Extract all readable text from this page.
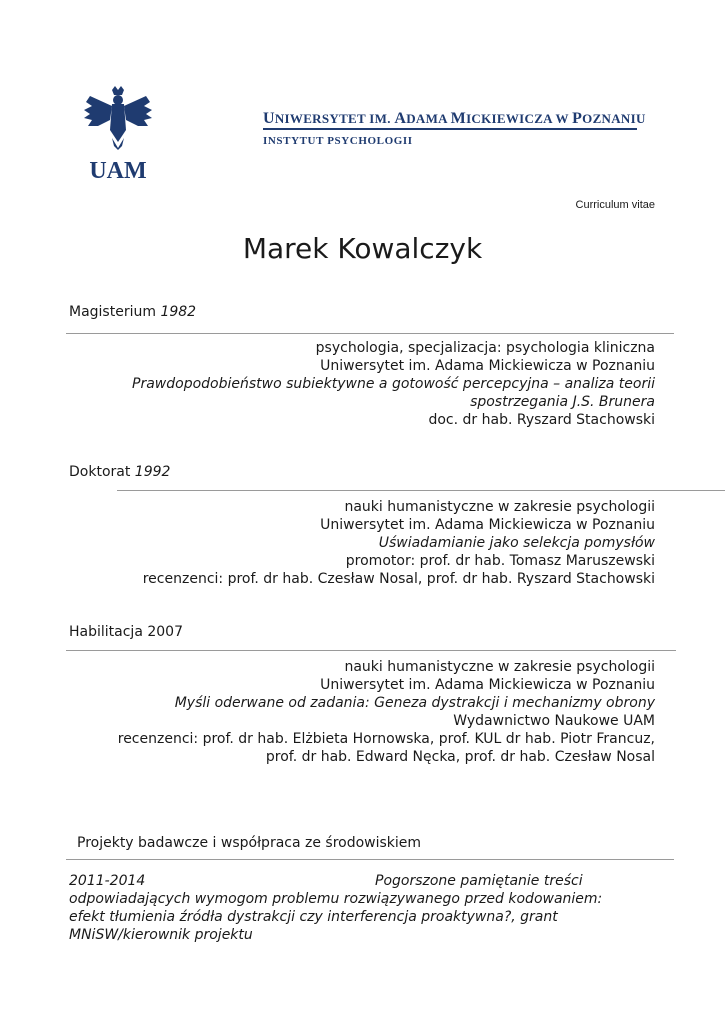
UAM
UNIWERSYTET IM. ADAMA MICKIEWICZA W POZNANIU
INSTYTUT PSYCHOLOGII
Curriculum vitae
Marek Kowalczyk
Magisterium 1982
psychologia, specjalizacja: psychologia kliniczna
Uniwersytet im. Adama Mickiewicza w Poznaniu
Prawdopodobieństwo subiektywne a gotowość percepcyjna – analiza teorii
spostrzegania J.S. Brunera
doc. dr hab. Ryszard Stachowski
Doktorat 1992
nauki humanistyczne w zakresie psychologii
Uniwersytet im. Adama Mickiewicza w Poznaniu
Uświadamianie jako selekcja pomysłów
promotor: prof. dr hab. Tomasz Maruszewski
recenzenci: prof. dr hab. Czesław Nosal, prof. dr hab. Ryszard Stachowski
Habilitacja 2007
nauki humanistyczne w zakresie psychologii
Uniwersytet im. Adama Mickiewicza w Poznaniu
Myśli oderwane od zadania: Geneza dystrakcji i mechanizmy obrony
Wydawnictwo Naukowe UAM
recenzenci: prof. dr hab. Elżbieta Hornowska, prof. KUL dr hab. Piotr Francuz,
prof. dr hab. Edward Nęcka, prof. dr hab. Czesław Nosal
Projekty badawcze i współpraca ze środowiskiem
2011-2014	Pogorszone pamiętanie treści
odpowiadających wymogom problemu rozwiązywanego przed kodowaniem:
efekt tłumienia źródła dystrakcji czy interferencja proaktywna?, grant
MNiSW/kierownik projektu
